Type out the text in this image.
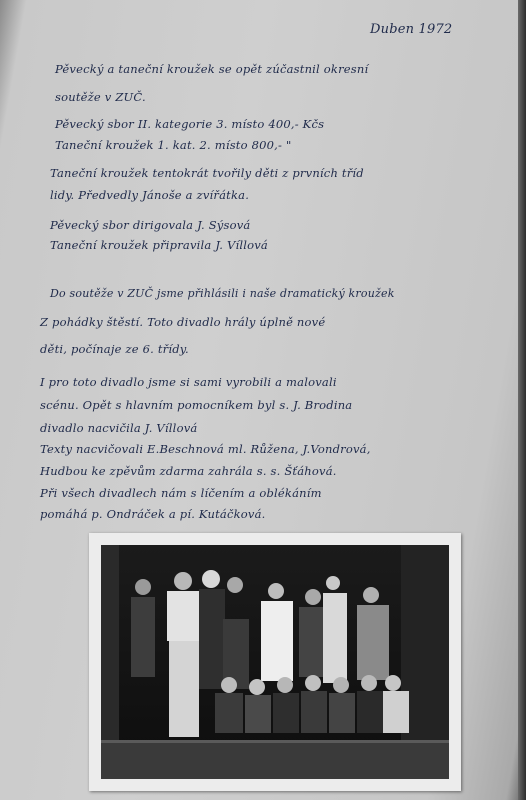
Duben 1972
Pěvecký a taneční kroužek se opět zúčastnil okresní
soutěže v ZUČ.
Pěvecký sbor II. kategorie 3. místo 400,- Kčs
Taneční kroužek 1. kat. 2. místo 800,- "
Taneční kroužek tentokrát tvořily děti z prvních tříd
lidy. Předvedly Jánoše a zvířátka.
Pěvecký sbor dirigovala J. Sýsová
Taneční kroužek připravila J. Víllová
Do soutěže v ZUČ jsme přihlásili i naše dramatický kroužek
Z pohádky štěstí. Toto divadlo hrály úplně nové
děti, počínaje ze 6. třídy.
I pro toto divadlo jsme si sami vyrobili a malovali
scénu. Opět s hlavním pomocníkem byl s. J. Brodina
divadlo nacvičila J. Víllová
Texty nacvičovali E.Beschnová ml. Růžena, J.Vondrová,
Hudbou ke zpěvům zdarma zahrála s. s. Šťáhová.
Při všech divadlech nám s líčením a oblékáním
pomáhá p. Ondráček a pí. Kutáčková.
